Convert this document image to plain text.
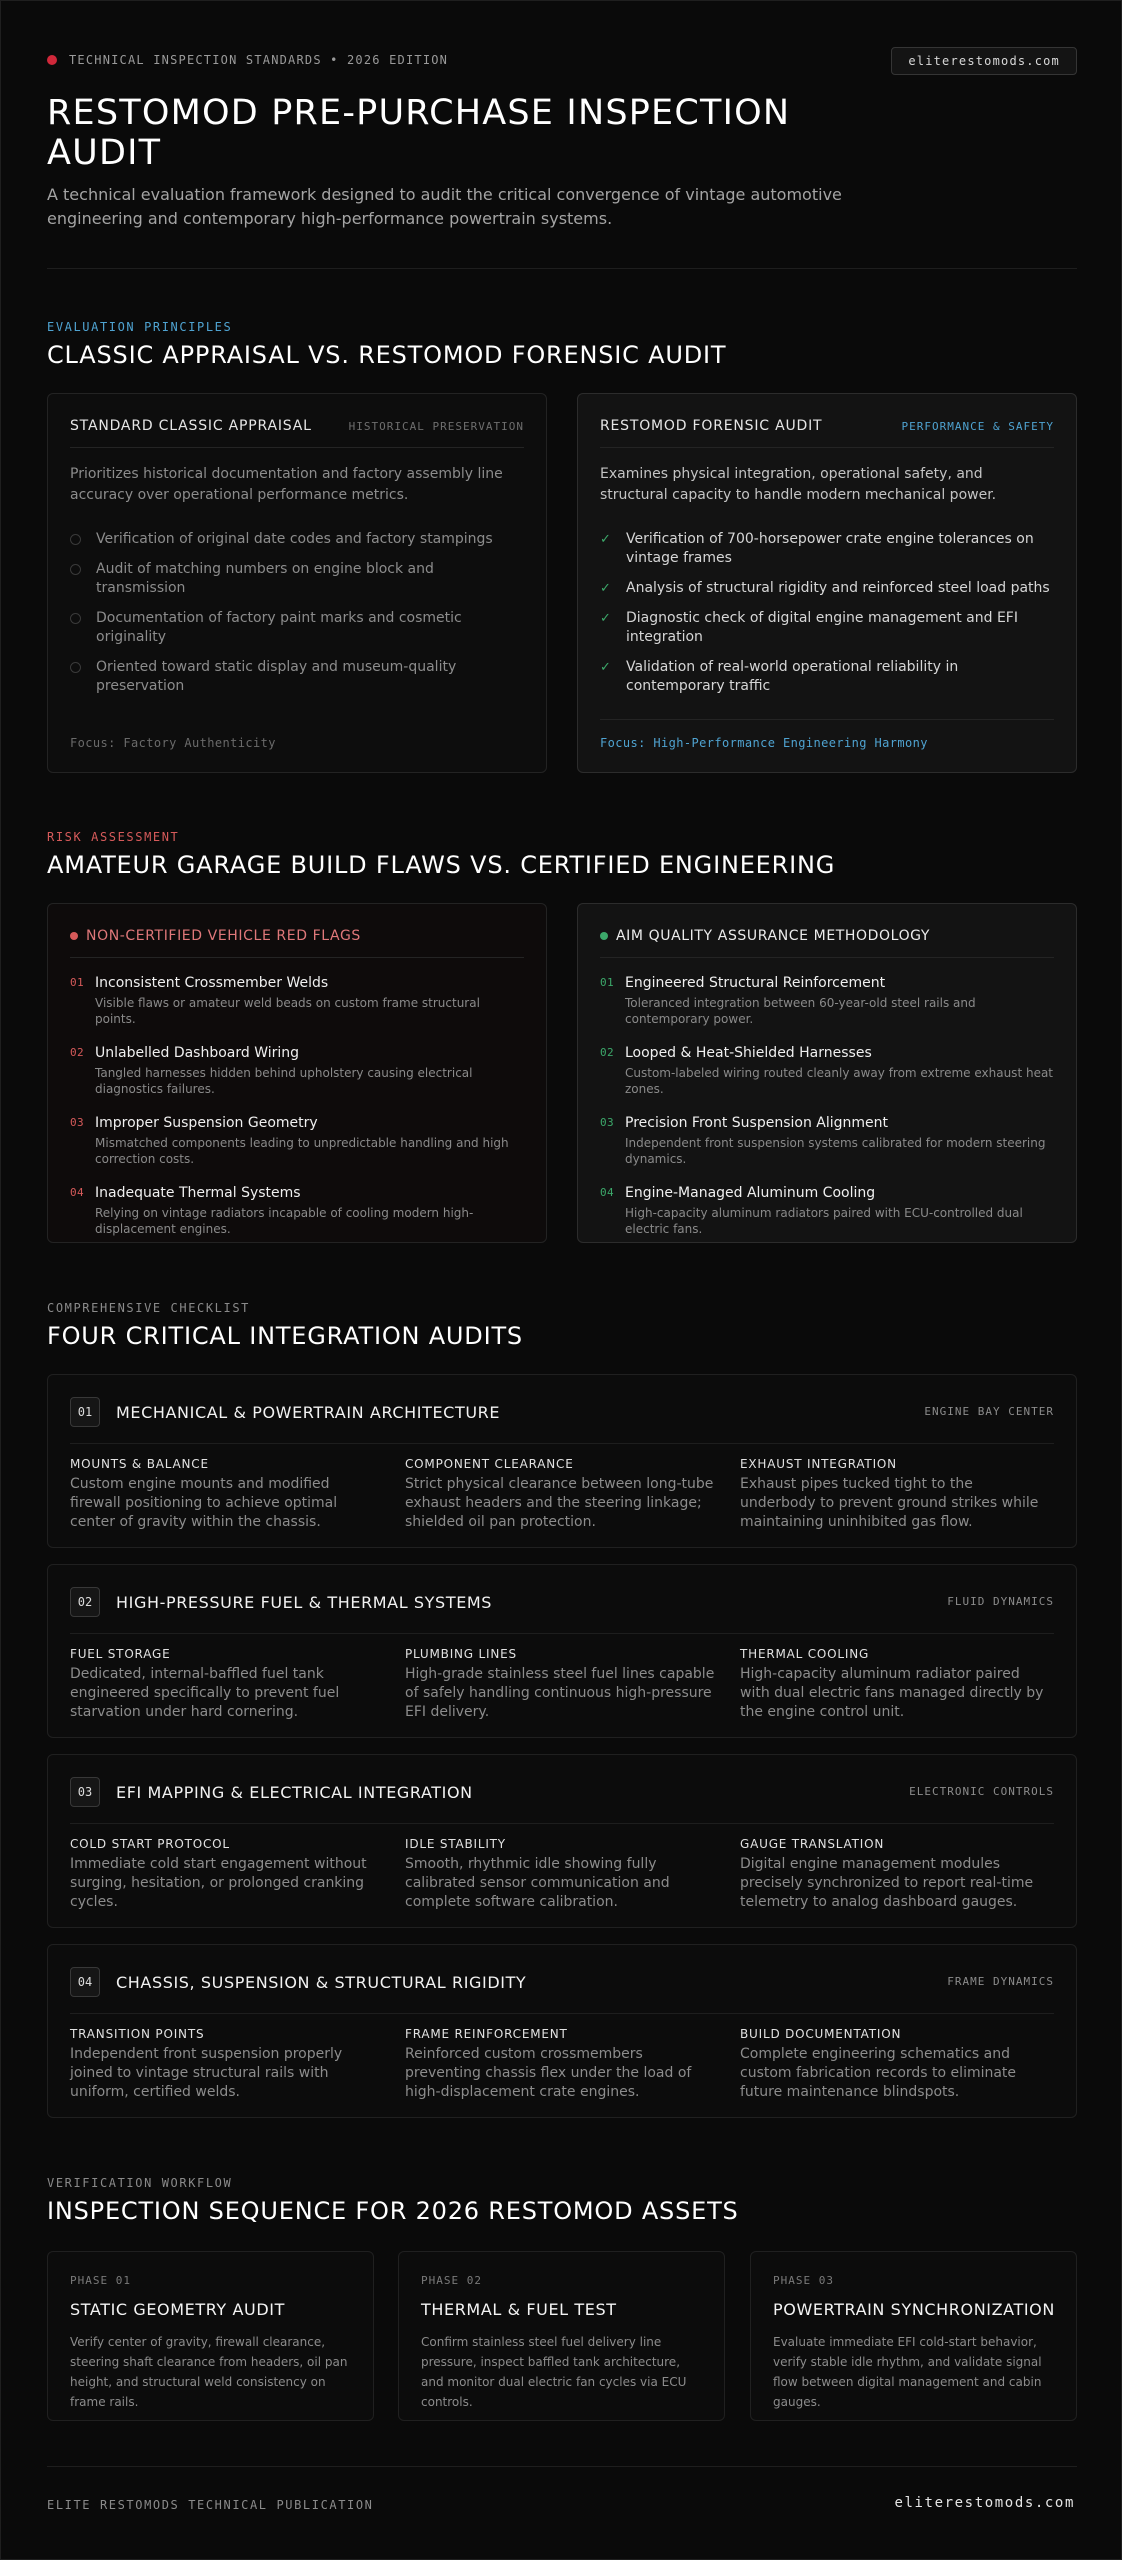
TECHNICAL INSPECTION STANDARDS • 2026 EDITION	eliterestomods.com
RESTOMOD PRE-PURCHASE INSPECTION AUDIT

A technical evaluation framework designed to audit the critical convergence of vintage automotive engineering and contemporary high-performance powertrain systems.

EVALUATION PRINCIPLES
CLASSIC APPRAISAL VS. RESTOMOD FORENSIC AUDIT
STANDARD CLASSIC APPRAISAL	HISTORICAL PRESERVATION

Prioritizes historical documentation and factory assembly line accuracy over operational performance metrics.

Verification of original date codes and factory stampings
Audit of matching numbers on engine block and transmission
Documentation of factory paint marks and cosmetic originality
Oriented toward static display and museum-quality preservation
Focus: Factory Authenticity
RESTOMOD FORENSIC AUDIT	PERFORMANCE & SAFETY

Examines physical integration, operational safety, and structural capacity to handle modern mechanical power.

✓ Verification of 700-horsepower crate engine tolerances on vintage frames
✓ Analysis of structural rigidity and reinforced steel load paths
✓ Diagnostic check of digital engine management and EFI integration
✓ Validation of real-world operational reliability in contemporary traffic
Focus: High-Performance Engineering Harmony
RISK ASSESSMENT
AMATEUR GARAGE BUILD FLAWS VS. CERTIFIED ENGINEERING
NON-CERTIFIED VEHICLE RED FLAGS
01 Inconsistent Crossmember Welds
Visible flaws or amateur weld beads on custom frame structural points.
02 Unlabelled Dashboard Wiring
Tangled harnesses hidden behind upholstery causing electrical diagnostics failures.
03 Improper Suspension Geometry
Mismatched components leading to unpredictable handling and high correction costs.
04 Inadequate Thermal Systems
Relying on vintage radiators incapable of cooling modern high-displacement engines.
AIM QUALITY ASSURANCE METHODOLOGY
01 Engineered Structural Reinforcement
Toleranced integration between 60-year-old steel rails and contemporary power.
02 Looped & Heat-Shielded Harnesses
Custom-labeled wiring routed cleanly away from extreme exhaust heat zones.
03 Precision Front Suspension Alignment
Independent front suspension systems calibrated for modern steering dynamics.
04 Engine-Managed Aluminum Cooling
High-capacity aluminum radiators paired with ECU-controlled dual electric fans.
COMPREHENSIVE CHECKLIST
FOUR CRITICAL INTEGRATION AUDITS
01	MECHANICAL & POWERTRAIN ARCHITECTURE	ENGINE BAY CENTER
MOUNTS & BALANCE
Custom engine mounts and modified firewall positioning to achieve optimal center of gravity within the chassis.
COMPONENT CLEARANCE
Strict physical clearance between long-tube exhaust headers and the steering linkage; shielded oil pan protection.
EXHAUST INTEGRATION
Exhaust pipes tucked tight to the underbody to prevent ground strikes while maintaining uninhibited gas flow.
02	HIGH-PRESSURE FUEL & THERMAL SYSTEMS	FLUID DYNAMICS
FUEL STORAGE
Dedicated, internal-baffled fuel tank engineered specifically to prevent fuel starvation under hard cornering.
PLUMBING LINES
High-grade stainless steel fuel lines capable of safely handling continuous high-pressure EFI delivery.
THERMAL COOLING
High-capacity aluminum radiator paired with dual electric fans managed directly by the engine control unit.
03	EFI MAPPING & ELECTRICAL INTEGRATION	ELECTRONIC CONTROLS
COLD START PROTOCOL
Immediate cold start engagement without surging, hesitation, or prolonged cranking cycles.
IDLE STABILITY
Smooth, rhythmic idle showing fully calibrated sensor communication and complete software calibration.
GAUGE TRANSLATION
Digital engine management modules precisely synchronized to report real-time telemetry to analog dashboard gauges.
04	CHASSIS, SUSPENSION & STRUCTURAL RIGIDITY	FRAME DYNAMICS
TRANSITION POINTS
Independent front suspension properly joined to vintage structural rails with uniform, certified welds.
FRAME REINFORCEMENT
Reinforced custom crossmembers preventing chassis flex under the load of high-displacement crate engines.
BUILD DOCUMENTATION
Complete engineering schematics and custom fabrication records to eliminate future maintenance blindspots.
VERIFICATION WORKFLOW
INSPECTION SEQUENCE FOR 2026 RESTOMOD ASSETS
PHASE 01
STATIC GEOMETRY AUDIT
Verify center of gravity, firewall clearance, steering shaft clearance from headers, oil pan height, and structural weld consistency on frame rails.
PHASE 02
THERMAL & FUEL TEST
Confirm stainless steel fuel delivery line pressure, inspect baffled tank architecture, and monitor dual electric fan cycles via ECU controls.
PHASE 03
POWERTRAIN SYNCHRONIZATION
Evaluate immediate EFI cold-start behavior, verify stable idle rhythm, and validate signal flow between digital management and cabin gauges.
ELITE RESTOMODS TECHNICAL PUBLICATION	eliterestomods.com
